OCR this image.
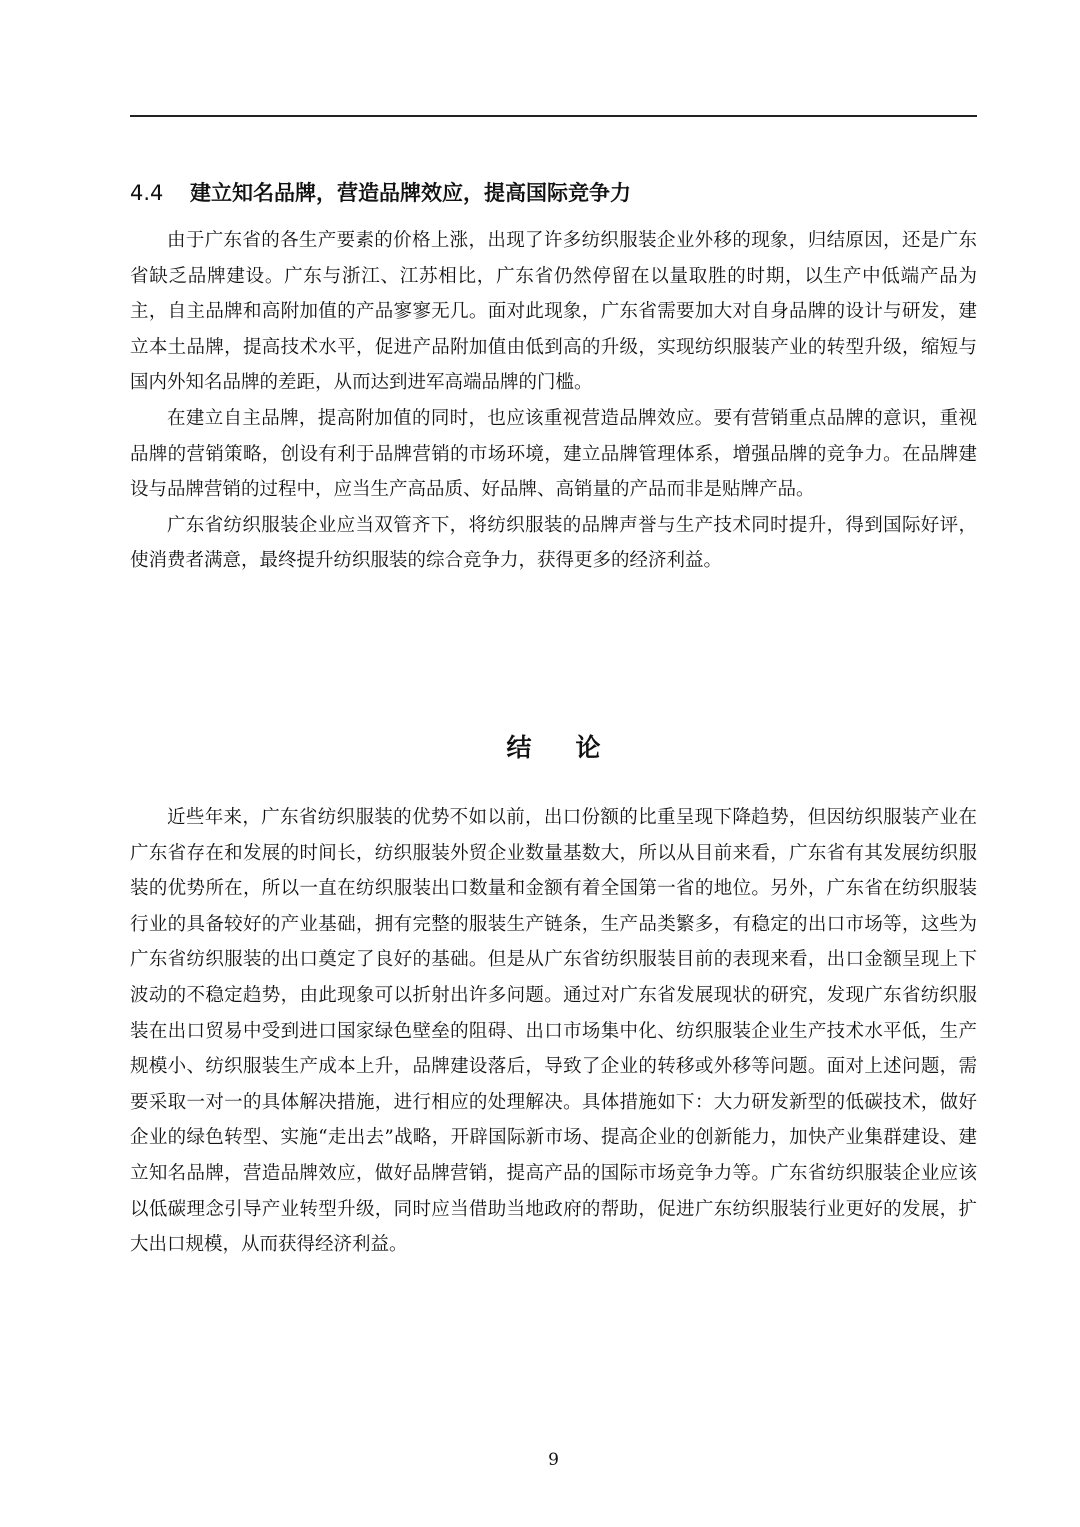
4.4 建立知名品牌，营造品牌效应，提高国际竞争力

由于广东省的各生产要素的价格上涨，出现了许多纺织服装企业外移的现象，归结原因，还是广东省缺乏品牌建设。广东与浙江、江苏相比，广东省仍然停留在以量取胜的时期，以生产中低端产品为主，自主品牌和高附加值的产品寥寥无几。面对此现象，广东省需要加大对自身品牌的设计与研发，建立本土品牌，提高技术水平，促进产品附加值由低到高的升级，实现纺织服装产业的转型升级，缩短与国内外知名品牌的差距，从而达到进军高端品牌的门槛。

在建立自主品牌，提高附加值的同时，也应该重视营造品牌效应。要有营销重点品牌的意识，重视品牌的营销策略，创设有利于品牌营销的市场环境，建立品牌管理体系，增强品牌的竞争力。在品牌建设与品牌营销的过程中，应当生产高品质、好品牌、高销量的产品而非是贴牌产品。

广东省纺织服装企业应当双管齐下，将纺织服装的品牌声誉与生产技术同时提升，得到国际好评，使消费者满意，最终提升纺织服装的综合竞争力，获得更多的经济利益。

结论

近些年来，广东省纺织服装的优势不如以前，出口份额的比重呈现下降趋势，但因纺织服装产业在广东省存在和发展的时间长，纺织服装外贸企业数量基数大，所以从目前来看，广东省有其发展纺织服装的优势所在，所以一直在纺织服装出口数量和金额有着全国第一省的地位。另外，广东省在纺织服装行业的具备较好的产业基础，拥有完整的服装生产链条，生产品类繁多，有稳定的出口市场等，这些为广东省纺织服装的出口奠定了良好的基础。但是从广东省纺织服装目前的表现来看，出口金额呈现上下波动的不稳定趋势，由此现象可以折射出许多问题。通过对广东省发展现状的研究，发现广东省纺织服装在出口贸易中受到进口国家绿色壁垒的阻碍、出口市场集中化、纺织服装企业生产技术水平低，生产规模小、纺织服装生产成本上升，品牌建设落后，导致了企业的转移或外移等问题。面对上述问题，需要采取一对一的具体解决措施，进行相应的处理解决。具体措施如下：大力研发新型的低碳技术，做好企业的绿色转型、实施“走出去”战略，开辟国际新市场、提高企业的创新能力，加快产业集群建设、建立知名品牌，营造品牌效应，做好品牌营销，提高产品的国际市场竞争力等。广东省纺织服装企业应该以低碳理念引导产业转型升级，同时应当借助当地政府的帮助，促进广东纺织服装行业更好的发展，扩大出口规模，从而获得经济利益。

9
